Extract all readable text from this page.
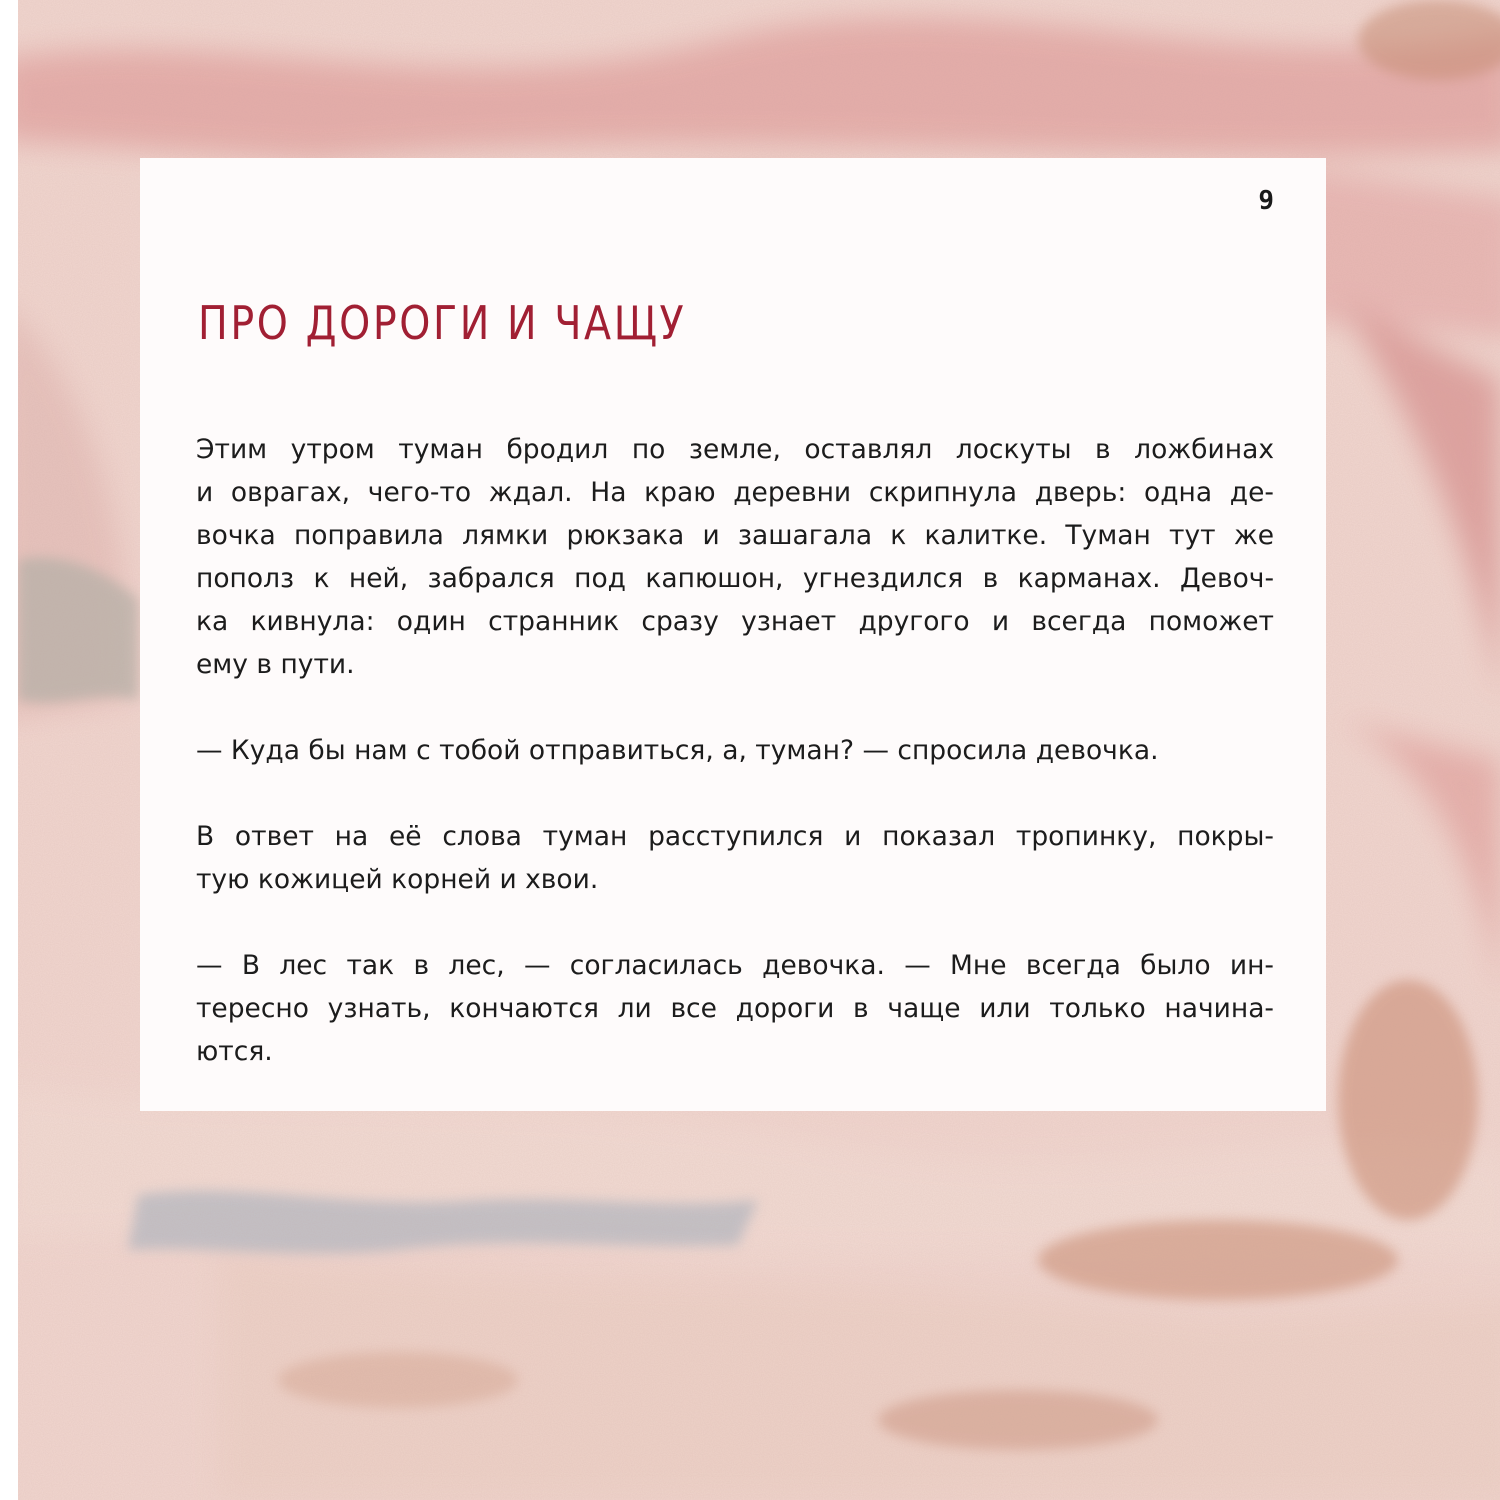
9
ПРО ДОРОГИ И ЧАЩУ

Этим утром туман бродил по земле, оставлял лоскуты в ложбинах
и оврагах, чего-то ждал. На краю деревни скрипнула дверь: одна де-
вочка поправила лямки рюкзака и зашагала к калитке. Туман тут же
пополз к ней, забрался под капюшон, угнездился в карманах. Девоч-
ка кивнула: один странник сразу узнает другого и всегда поможет
ему в пути.

— Куда бы нам с тобой отправиться, а, туман? — спросила девочка.

В ответ на её слова туман расступился и показал тропинку, покры-
тую кожицей корней и хвои.

— В лес так в лес, — согласилась девочка. — Мне всегда было ин-
тересно узнать, кончаются ли все дороги в чаще или только начина-
ются.
